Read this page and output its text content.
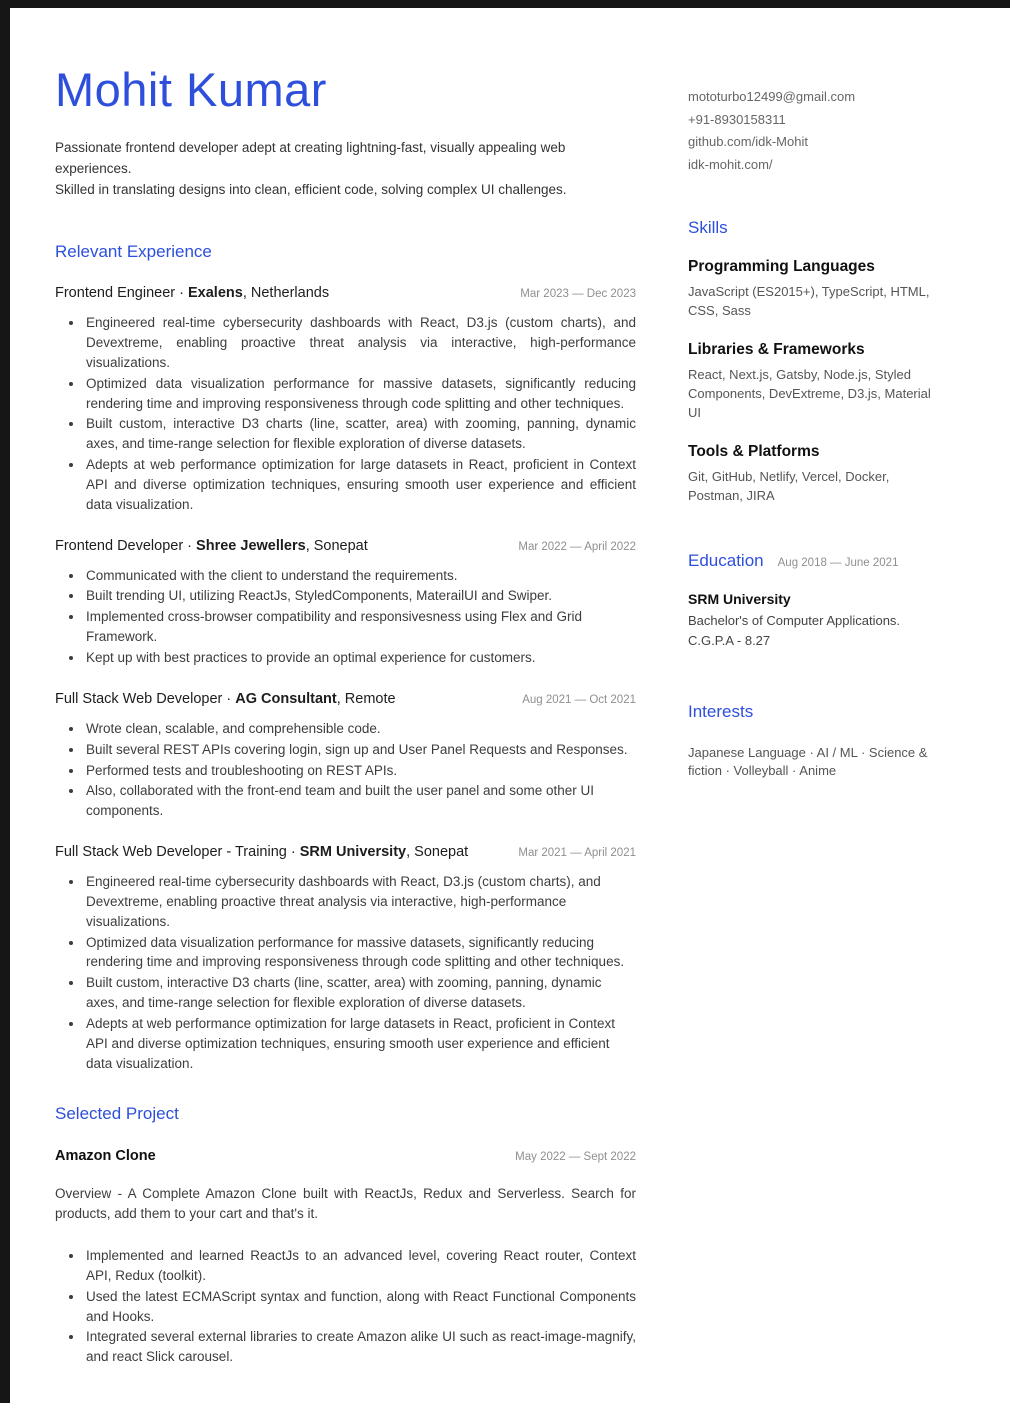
Mohit Kumar
Passionate frontend developer adept at creating lightning-fast, visually appealing web experiences.
Skilled in translating designs into clean, efficient code, solving complex UI challenges.
Relevant Experience
Frontend Engineer · Exalens, Netherlands	Mar 2023 — Dec 2023
• Engineered real-time cybersecurity dashboards with React, D3.js (custom charts), and Devextreme, enabling proactive threat analysis via interactive, high-performance visualizations.
• Optimized data visualization performance for massive datasets, significantly reducing rendering time and improving responsiveness through code splitting and other techniques.
• Built custom, interactive D3 charts (line, scatter, area) with zooming, panning, dynamic axes, and time-range selection for flexible exploration of diverse datasets.
• Adepts at web performance optimization for large datasets in React, proficient in Context API and diverse optimization techniques, ensuring smooth user experience and efficient data visualization.
Frontend Developer · Shree Jewellers, Sonepat	Mar 2022 — April 2022
• Communicated with the client to understand the requirements.
• Built trending UI, utilizing ReactJs, StyledComponents, MaterailUI and Swiper.
• Implemented cross-browser compatibility and responsivesness using Flex and Grid Framework.
• Kept up with best practices to provide an optimal experience for customers.
Full Stack Web Developer · AG Consultant, Remote	Aug 2021 — Oct 2021
• Wrote clean, scalable, and comprehensible code.
• Built several REST APIs covering login, sign up and User Panel Requests and Responses.
• Performed tests and troubleshooting on REST APIs.
• Also, collaborated with the front-end team and built the user panel and some other UI components.
Full Stack Web Developer - Training · SRM University, Sonepat	Mar 2021 — April 2021
• Engineered real-time cybersecurity dashboards with React, D3.js (custom charts), and Devextreme, enabling proactive threat analysis via interactive, high-performance visualizations.
• Optimized data visualization performance for massive datasets, significantly reducing rendering time and improving responsiveness through code splitting and other techniques.
• Built custom, interactive D3 charts (line, scatter, area) with zooming, panning, dynamic axes, and time-range selection for flexible exploration of diverse datasets.
• Adepts at web performance optimization for large datasets in React, proficient in Context API and diverse optimization techniques, ensuring smooth user experience and efficient data visualization.
Selected Project
Amazon Clone	May 2022 — Sept 2022

Overview - A Complete Amazon Clone built with ReactJs, Redux and Serverless. Search for products, add them to your cart and that's it.

• Implemented and learned ReactJs to an advanced level, covering React router, Context API, Redux (toolkit).
• Used the latest ECMAScript syntax and function, along with React Functional Components and Hooks.
• Integrated several external libraries to create Amazon alike UI such as react-image-magnify, and react Slick carousel.
mototurbo12499@gmail.com
+91-8930158311
github.com/idk-Mohit
idk-mohit.com/
Skills
Programming Languages

JavaScript (ES2015+), TypeScript, HTML, CSS, Sass

Libraries & Frameworks

React, Next.js, Gatsby, Node.js, Styled Components, DevExtreme, D3.js, Material UI

Tools & Platforms

Git, GitHub, Netlify, Vercel, Docker, Postman, JIRA

Education Aug 2018 — June 2021
SRM University
Bachelor's of Computer Applications.
C.G.P.A - 8.27
Interests

Japanese Language · AI / ML · Science & fiction · Volleyball · Anime
